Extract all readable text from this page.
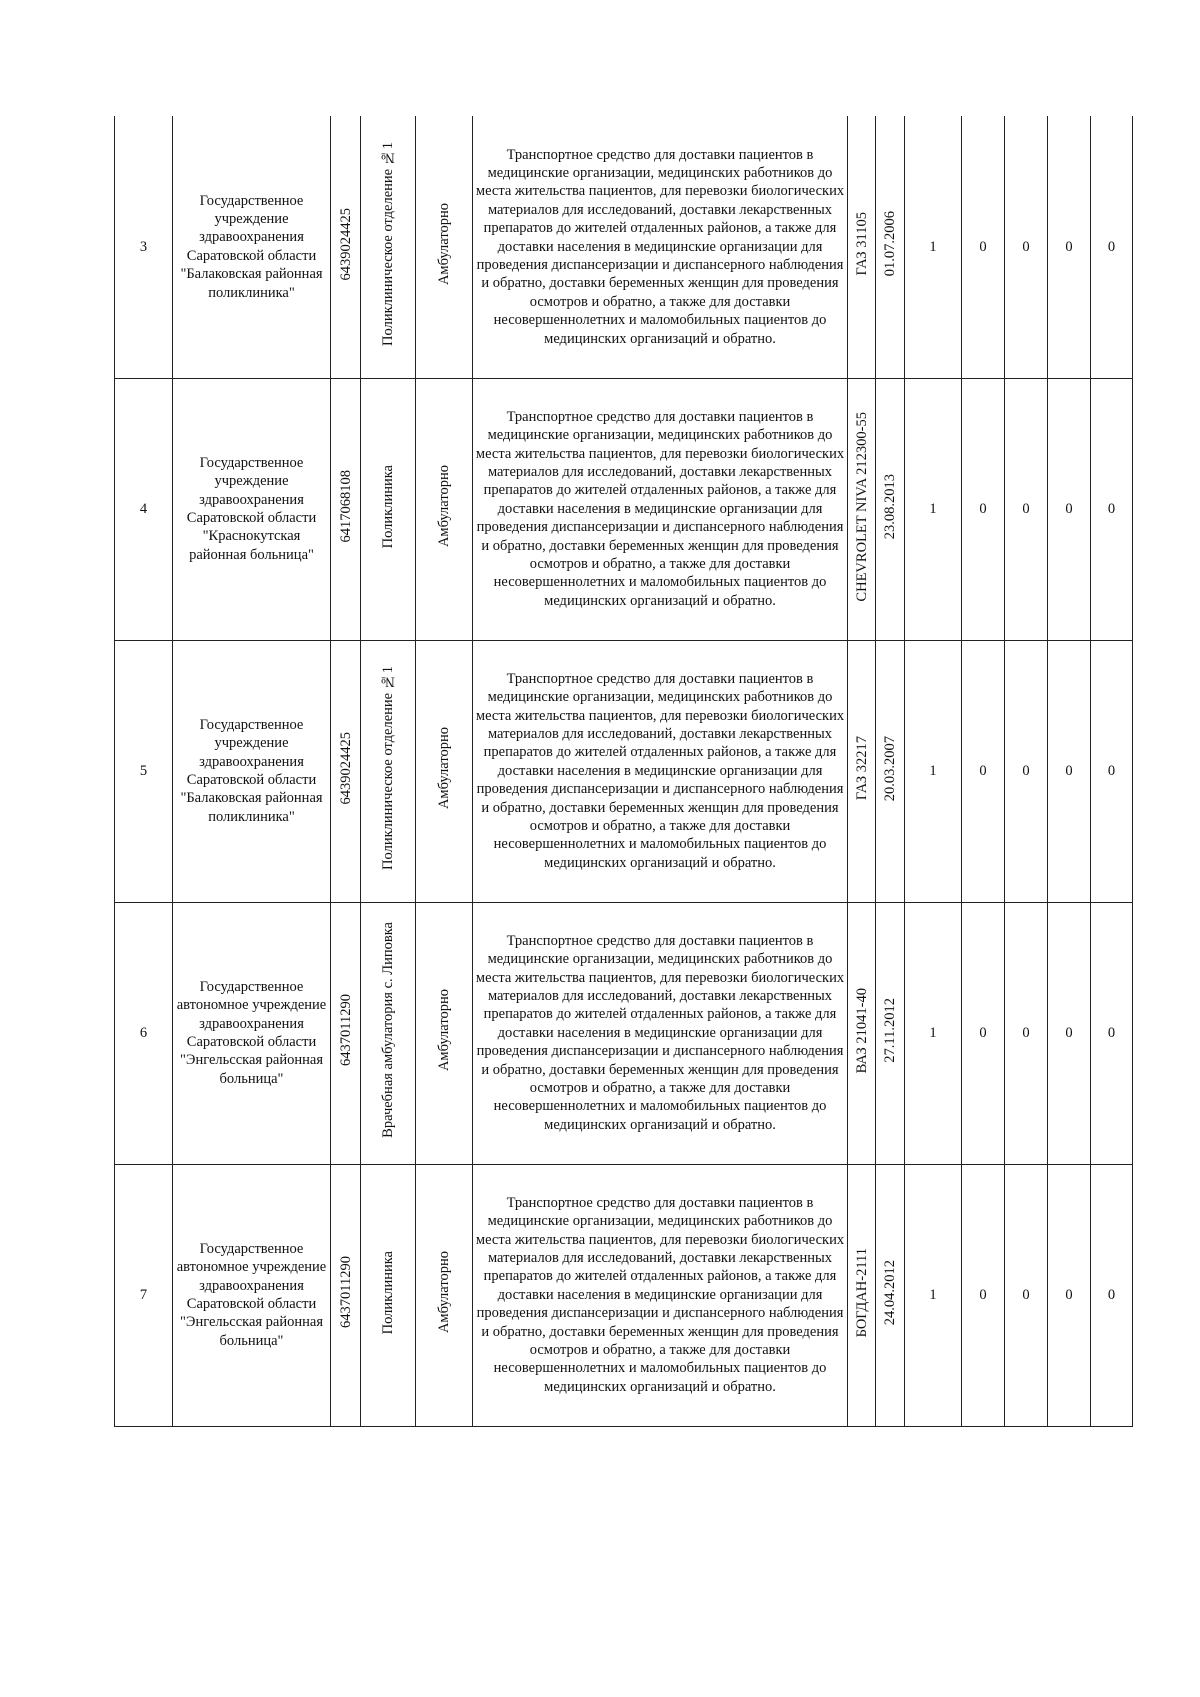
3	Государственное учреждение здравоохранения Саратовской области "Балаковская районная поликлиника"	6439024425	Поликлиническое отделение №1	Амбулаторно	Транспортное средство для доставки пациентов в медицинские организации, медицинских работников до места жительства пациентов, для перевозки биологических материалов для исследований, доставки лекарственных препаратов до жителей отдаленных районов, а также для доставки населения в медицинские организации для проведения диспансеризации и диспансерного наблюдения и обратно, доставки беременных женщин для проведения осмотров и обратно, а также для доставки несовершеннолетних и маломобильных пациентов до медицинских организаций и обратно.	ГАЗ 31105	01.07.2006	1	0	0	0	0
4	Государственное учреждение здравоохранения Саратовской области "Краснокутская районная больница"	6417068108	Поликлиника	Амбулаторно	Транспортное средство для доставки пациентов в медицинские организации, медицинских работников до места жительства пациентов, для перевозки биологических материалов для исследований, доставки лекарственных препаратов до жителей отдаленных районов, а также для доставки населения в медицинские организации для проведения диспансеризации и диспансерного наблюдения и обратно, доставки беременных женщин для проведения осмотров и обратно, а также для доставки несовершеннолетних и маломобильных пациентов до медицинских организаций и обратно.	CHEVROLET NIVA 212300-55	23.08.2013	1	0	0	0	0
5	Государственное учреждение здравоохранения Саратовской области "Балаковская районная поликлиника"	6439024425	Поликлиническое отделение №1	Амбулаторно	Транспортное средство для доставки пациентов в медицинские организации, медицинских работников до места жительства пациентов, для перевозки биологических материалов для исследований, доставки лекарственных препаратов до жителей отдаленных районов, а также для доставки населения в медицинские организации для проведения диспансеризации и диспансерного наблюдения и обратно, доставки беременных женщин для проведения осмотров и обратно, а также для доставки несовершеннолетних и маломобильных пациентов до медицинских организаций и обратно.	ГАЗ 32217	20.03.2007	1	0	0	0	0
6	Государственное автономное учреждение здравоохранения Саратовской области "Энгельсская районная больница"	6437011290	Врачебная амбулатория с. Липовка	Амбулаторно	Транспортное средство для доставки пациентов в медицинские организации, медицинских работников до места жительства пациентов, для перевозки биологических материалов для исследований, доставки лекарственных препаратов до жителей отдаленных районов, а также для доставки населения в медицинские организации для проведения диспансеризации и диспансерного наблюдения и обратно, доставки беременных женщин для проведения осмотров и обратно, а также для доставки несовершеннолетних и маломобильных пациентов до медицинских организаций и обратно.	ВАЗ 21041-40	27.11.2012	1	0	0	0	0
7	Государственное автономное учреждение здравоохранения Саратовской области "Энгельсская районная больница"	6437011290	Поликлиника	Амбулаторно	Транспортное средство для доставки пациентов в медицинские организации, медицинских работников до места жительства пациентов, для перевозки биологических материалов для исследований, доставки лекарственных препаратов до жителей отдаленных районов, а также для доставки населения в медицинские организации для проведения диспансеризации и диспансерного наблюдения и обратно, доставки беременных женщин для проведения осмотров и обратно, а также для доставки несовершеннолетних и маломобильных пациентов до медицинских организаций и обратно.	БОГДАН-2111	24.04.2012	1	0	0	0	0
